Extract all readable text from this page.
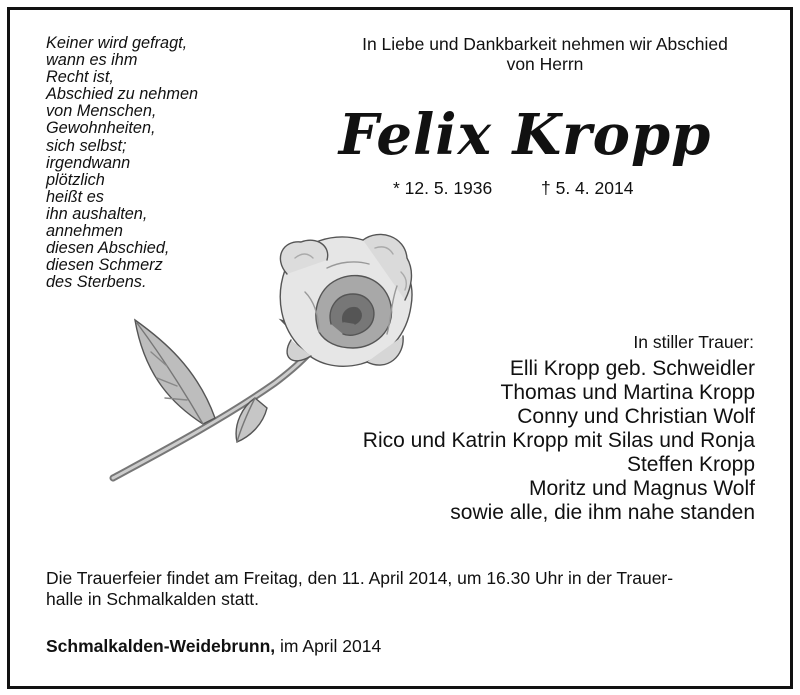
Keiner wird gefragt,
wann es ihm
Recht ist,
Abschied zu nehmen
von Menschen,
Gewohnheiten,
sich selbst;
irgendwann
plötzlich
heißt es
ihn aushalten,
annehmen
diesen Abschied,
diesen Schmerz
des Sterbens.

In Liebe und Dankbarkeit nehmen wir Abschied
von Herrn
Felix Kropp
* 12. 5. 1936	† 5. 4. 2014
In stiller Trauer:
Elli Kropp geb. Schweidler
Thomas und Martina Kropp
Conny und Christian Wolf
Rico und Katrin Kropp mit Silas und Ronja
Steffen Kropp
Moritz und Magnus Wolf
sowie alle, die ihm nahe standen

Die Trauerfeier findet am Freitag, den 11. April 2014, um 16.30 Uhr in der Trauer-
halle in Schmalkalden statt.

Schmalkalden-Weidebrunn, im April 2014
